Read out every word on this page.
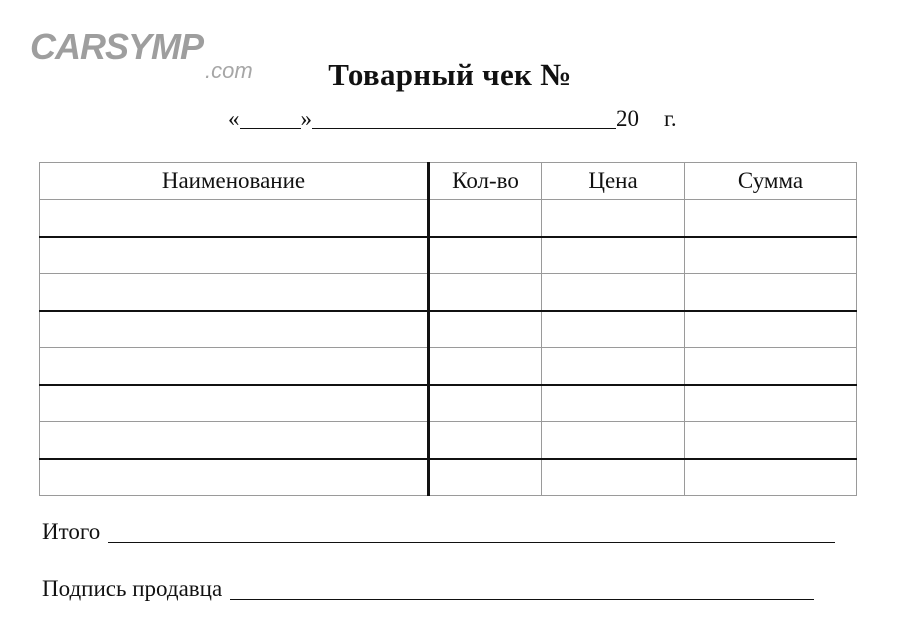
CARSYMP
.com	Товарный чек №
«	»	20 г.
Наименование	Кол-во	Цена	Сумма

Итого
Подпись продавца
